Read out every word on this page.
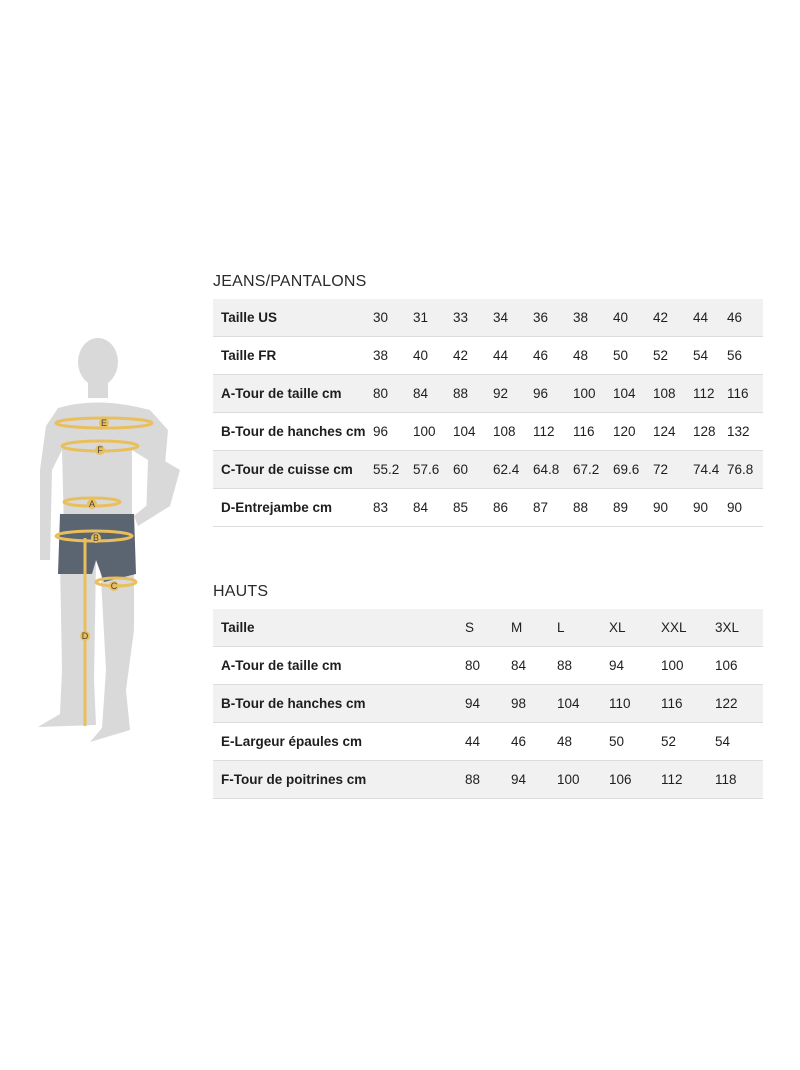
E
F
A
B
C
D
JEANS/PANTALONS
Taille US	30	31	33	34	36	38	40	42	44	46
Taille FR	38	40	42	44	46	48	50	52	54	56
A-Tour de taille cm	80	84	88	92	96	100	104	108	112	116
B-Tour de hanches cm	96	100	104	108	112	116	120	124	128	132
C-Tour de cuisse cm	55.2	57.6	60	62.4	64.8	67.2	69.6	72	74.4	76.8
D-Entrejambe cm	83	84	85	86	87	88	89	90	90	90
HAUTS
Taille	S	M	L	XL	XXL	3XL
A-Tour de taille cm	80	84	88	94	100	106
B-Tour de hanches cm	94	98	104	110	116	122
E-Largeur épaules cm	44	46	48	50	52	54
F-Tour de poitrines cm	88	94	100	106	112	118
